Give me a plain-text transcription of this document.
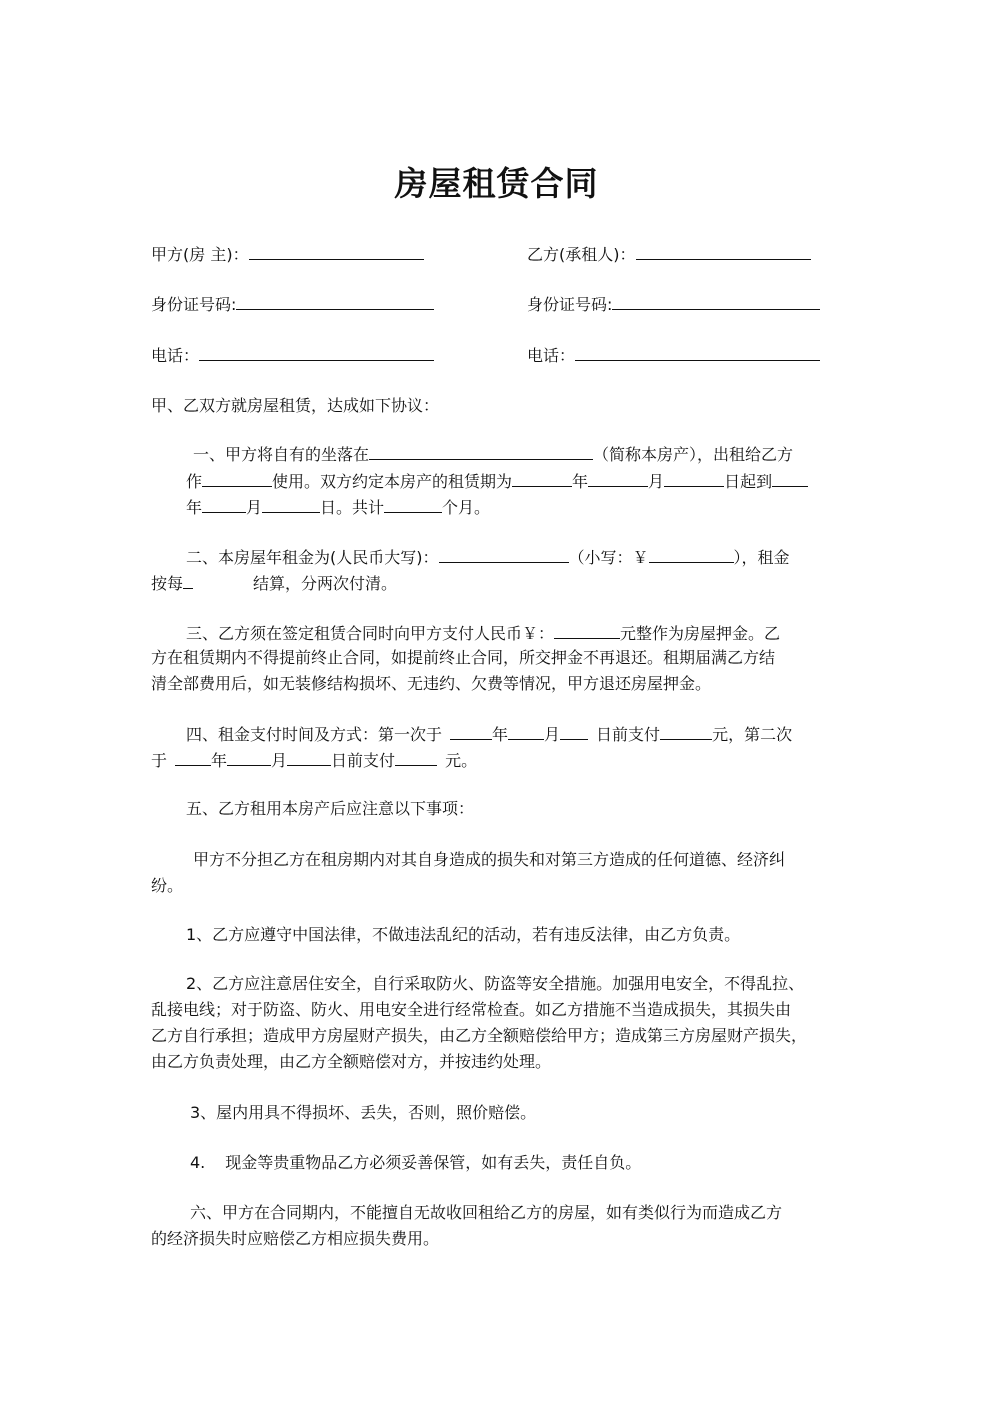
房屋租赁合同
甲方(房 主)：	乙方(承租人)：
身份证号码:	身份证号码:
电话：	电话：
甲、乙双方就房屋租赁，达成如下协议：
一、甲方将自有的坐落在	（简称本房产），出租给乙方
作	使用。双方约定本房产的租赁期为	年	月	日起到
年	月	日。共计	个月。
二、本房屋年租金为(人民币大写)：	（小写：￥	），租金
按每	结算，分两次付清。
三、乙方须在签定租赁合同时向甲方支付人民币￥：	元整作为房屋押金。乙
方在租赁期内不得提前终止合同，如提前终止合同，所交押金不再退还。租期届满乙方结
清全部费用后，如无装修结构损坏、无违约、欠费等情况，甲方退还房屋押金。
四、租金支付时间及方式：第一次于	年 月 日前支付	元，第二次
于	年	月	日前支付	元。
五、乙方租用本房产后应注意以下事项：
甲方不分担乙方在租房期内对其自身造成的损失和对第三方造成的任何道德、经济纠
纷。
1、乙方应遵守中国法律，不做违法乱纪的活动，若有违反法律，由乙方负责。
2、乙方应注意居住安全，自行采取防火、防盗等安全措施。加强用电安全，不得乱拉、
乱接电线；对于防盗、防火、用电安全进行经常检查。如乙方措施不当造成损失，其损失由
乙方自行承担；造成甲方房屋财产损失，由乙方全额赔偿给甲方；造成第三方房屋财产损失，
由乙方负责处理，由乙方全额赔偿对方，并按违约处理。
3、屋内用具不得损坏、丢失，否则，照价赔偿。
4. 现金等贵重物品乙方必须妥善保管，如有丢失，责任自负。
六、甲方在合同期内，不能擅自无故收回租给乙方的房屋，如有类似行为而造成乙方
的经济损失时应赔偿乙方相应损失费用。
